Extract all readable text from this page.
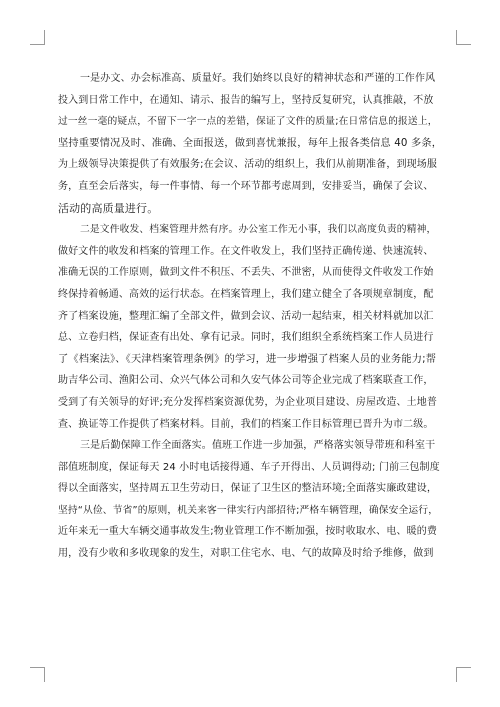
一是办文、办会标准高、质量好。我们始终以良好的精神状态和严谨的工作作风
投入到日常工作中，在通知、请示、报告的编写上，坚持反复研究，认真推敲，不放
过一丝一毫的疑点，不留下一字一点的差错，保证了文件的质量;在日常信息的报送上，
坚持重要情况及时、准确、全面报送，做到喜忧兼报，每年上报各类信息 40 多条，
为上级领导决策提供了有效服务;在会议、活动的组织上，我们从前期准备，到现场服
务，直至会后落实，每一件事情、每一个环节都考虑周到，安排妥当，确保了会议、
活动的高质量进行。
二是文件收发、档案管理井然有序。办公室工作无小事，我们以高度负责的精神，
做好文件的收发和档案的管理工作。在文件收发上，我们坚持正确传递、快速流转、
准确无误的工作原则，做到文件不积压、不丢失、不泄密，从而使得文件收发工作始
终保持着畅通、高效的运行状态。在档案管理上，我们建立健全了各项规章制度，配
齐了档案设施，整理汇编了全部文件，做到会议、活动一起结束，相关材料就加以汇
总、立卷归档，保证查有出处、拿有记录。同时，我们组织全系统档案工作人员进行
了《档案法》、《天津档案管理条例》的学习，进一步增强了档案人员的业务能力;帮
助吉华公司、渔阳公司、众兴气体公司和久安气体公司等企业完成了档案联查工作，
受到了有关领导的好评;充分发挥档案资源优势，为企业项目建设、房屋改造、土地普
查、换证等工作提供了档案材料。目前，我们的档案工作目标管理已晋升为市二级。
三是后勤保障工作全面落实。值班工作进一步加强，严格落实领导带班和科室干
部值班制度，保证每天 24 小时电话接得通、车子开得出、人员调得动; 门前三包制度
得以全面落实，坚持周五卫生劳动日，保证了卫生区的整洁环境;全面落实廉政建设，
坚持“从俭、节省”的原则，机关来客一律实行内部招待;严格车辆管理，确保安全运行，
近年来无一重大车辆交通事故发生;物业管理工作不断加强，按时收取水、电、暖的费
用，没有少收和多收现象的发生，对职工住宅水、电、气的故障及时给予维修，做到
